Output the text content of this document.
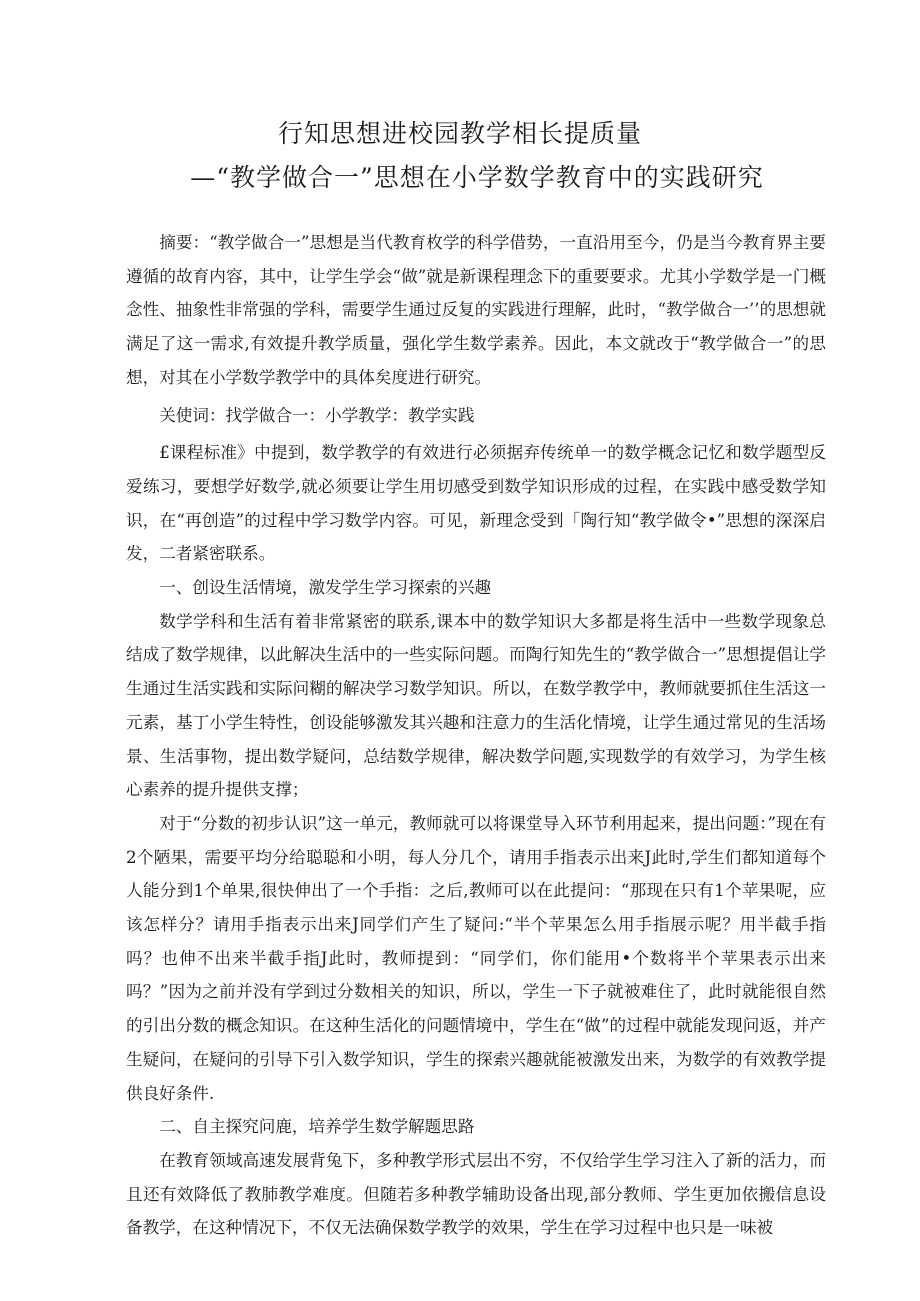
行知思想进校园教学相长提质量
—“教学做合一”思想在小学数学教育中的实践研究

摘要：“教学做合一”思想是当代教育枚学的科学借势，一直沿用至今，仍是当今教育界主要遵循的故育内容，其中，让学生学会“做”就是新课程理念下的重要要求。尤其小学数学是一门概念性、抽象性非常强的学科，需要学生通过反复的实践进行理解，此时，“教学做合一’’的思想就满足了这一需求,有效提升教学质量，强化学生数学素养。因此，本文就改于“教学做合一”的思想，对其在小学数学教学中的具体矣度进行研究。

关使词：找学做合一：小学教学：教学实践

£课程标准》中提到，数学教学的有效进行必须据弃传统单一的数学概念记忆和数学题型反爱练习，要想学好数学,就必须要让学生用切感受到数学知识形成的过程，在实践中感受数学知识，在“再创造”的过程中学习数学内容。可见，新理念受到「陶行知“教学做令•”思想的深深启发，二者紧密联系。

一、创设生活情境，激发学生学习探索的兴趣

数学学科和生活有着非常紧密的联系,课本中的数学知识大多都是将生活中一些数学现象总结成了数学规律，以此解决生活中的一些实际问题。而陶行知先生的“教学做合一”思想提倡让学生通过生活实践和实际问糊的解决学习数学知识。所以，在数学教学中，教师就要抓住生活这一元素，基丁小学生特性，创设能够激发其兴趣和注意力的生活化情境，让学生通过常见的生活场景、生活事物，提出数学疑问，总结数学规律，解决数学问题,实现数学的有效学习，为学生核心素养的提升提供支撑；

对于“分数的初步认识”这一单元，教师就可以将课堂导入环节利用起来，提出问题：”现在有2个陋果，需要平均分给聪聪和小明，每人分几个，请用手指表示出来J此时,学生们都知道每个人能分到1个单果,很快伸出了一个手指：之后,教师可以在此提问：“那现在只有1个苹果呢，应该怎样分？请用手指表示出来J同学们产生了疑问:“半个苹果怎么用手指展示呢？用半截手指吗？也伸不出来半截手指J此时，教师提到：“同学们，你们能用•个数将半个苹果表示出来吗？”因为之前并没有学到过分数相关的知识，所以，学生一下子就被难住了，此时就能很自然的引出分数的概念知识。在这种生活化的问题情境中，学生在“做”的过程中就能发现问返，并产生疑问，在疑问的引导下引入数学知识，学生的探索兴趣就能被激发出来，为数学的有效教学提供良好条件.

二、自主探究问鹿，培养学生数学解题思路

在教育领域高速发展背兔下，多种教学形式层出不穷，不仅给学生学习注入了新的活力，而且还有效降低了教肺教学难度。但随若多种教学辅助设备出现,部分教师、学生更加依搬信息设备教学，在这种情况下，不仅无法确保数学教学的效果，学生在学习过程中也只是一味被
